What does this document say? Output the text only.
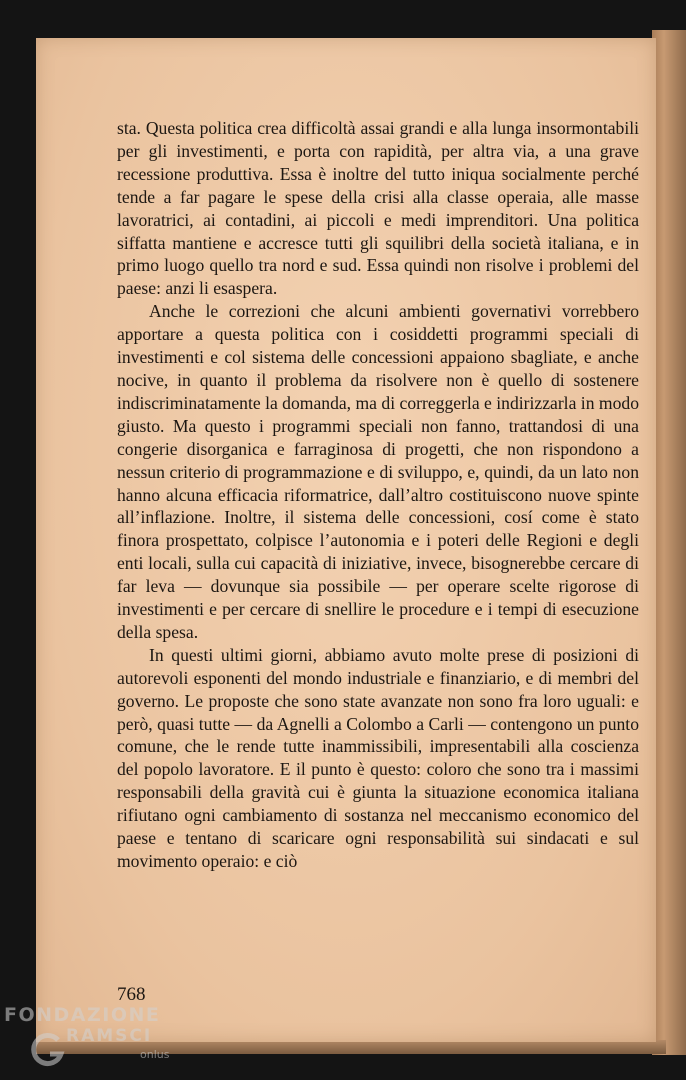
sta. Questa politica crea difficoltà assai grandi e alla lunga insormontabili per gli investimenti, e porta con rapidità, per altra via, a una grave recessione produttiva. Essa è inoltre del tutto iniqua socialmente perché tende a far pagare le spese della crisi alla classe operaia, alle masse lavoratrici, ai contadini, ai piccoli e medi imprenditori. Una politica siffatta mantiene e accresce tutti gli squilibri della società italiana, e in primo luogo quello tra nord e sud. Essa quindi non risolve i problemi del paese: anzi li esaspera.

Anche le correzioni che alcuni ambienti governativi vorrebbero apportare a questa politica con i cosiddetti programmi speciali di investimenti e col sistema delle concessioni appaiono sbagliate, e anche nocive, in quanto il problema da risolvere non è quello di sostenere indiscriminatamente la domanda, ma di correggerla e indirizzarla in modo giusto. Ma questo i programmi speciali non fanno, trattandosi di una congerie disorganica e farraginosa di progetti, che non rispondono a nessun criterio di programmazione e di sviluppo, e, quindi, da un lato non hanno alcuna efficacia riformatrice, dall’altro costituiscono nuove spinte all’inflazione. Inoltre, il sistema delle concessioni, cosí come è stato finora prospettato, colpisce l’autonomia e i poteri delle Regioni e degli enti locali, sulla cui capacità di iniziative, invece, bisognerebbe cercare di far leva — dovunque sia possibile — per operare scelte rigorose di investimenti e per cercare di snellire le procedure e i tempi di esecuzione della spesa.

In questi ultimi giorni, abbiamo avuto molte prese di posizioni di autorevoli esponenti del mondo industriale e finanziario, e di membri del governo. Le proposte che sono state avanzate non sono fra loro uguali: e però, quasi tutte — da Agnelli a Colombo a Carli — contengono un punto comune, che le rende tutte inammissibili, impresentabili alla coscienza del popolo lavoratore. E il punto è questo: coloro che sono tra i massimi responsabili della gravità cui è giunta la situazione economica italiana rifiutano ogni cambiamento di sostanza nel meccanismo economico del paese e tentano di scaricare ogni responsabilità sui sindacati e sul movimento operaio: e ciò

768
FONDAZIONE
RAMSCI
onlus
